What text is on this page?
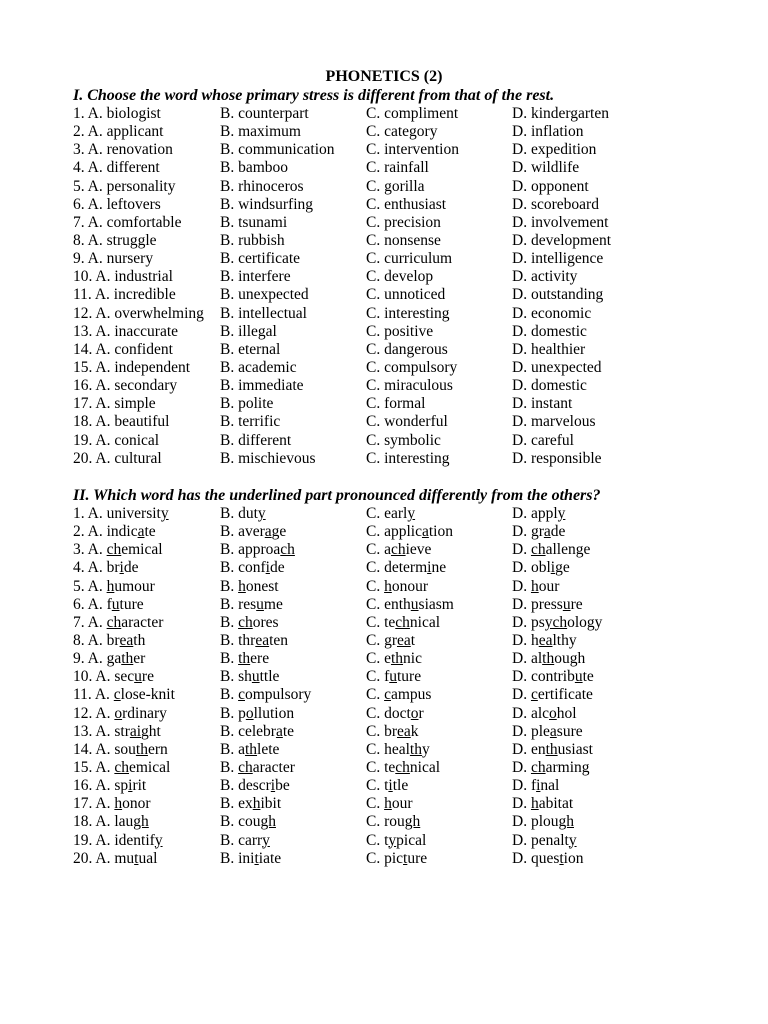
PHONETICS (2)
I. Choose the word whose primary stress is different from that of the rest.
1. A. biologist	B. counterpart	C. compliment	D. kindergarten
2. A. applicant	B. maximum	C. category	D. inflation
3. A. renovation	B. communication C. intervention	D. expedition
4. A. different	B. bamboo	C. rainfall	D. wildlife
5. A. personality	B. rhinoceros	C. gorilla	D. opponent
6. A. leftovers	B. windsurfing	C. enthusiast	D. scoreboard
7. A. comfortable B. tsunami	C. precision	D. involvement
8. A. struggle	B. rubbish	C. nonsense	D. development
9. A. nursery	B. certificate	C. curriculum	D. intelligence
10. A. industrial	B. interfere	C. develop	D. activity
11. A. incredible	B. unexpected	C. unnoticed	D. outstanding
12. A. overwhelming B. intellectual	C. interesting	D. economic
13. A. inaccurate	B. illegal	C. positive	D. domestic
14. A. confident	B. eternal	C. dangerous	D. healthier
15. A. independent B. academic	C. compulsory	D. unexpected
16. A. secondary	B. immediate	C. miraculous	D. domestic
17. A. simple	B. polite	C. formal	D. instant
18. A. beautiful	B. terrific	C. wonderful	D. marvelous
19. A. conical	B. different	C. symbolic	D. careful
20. A. cultural	B. mischievous	C. interesting	D. responsible
II. Which word has the underlined part pronounced differently from the others?
1. A. university	B. duty	C. early	D. apply
2. A. indicate	B. average	C. application	D. grade
3. A. chemical	B. approach	C. achieve	D. challenge
4. A. bride	B. confide	C. determine	D. oblige
5. A. humour	B. honest	C. honour	D. hour
6. A. future	B. resume	C. enthusiasm	D. pressure
7. A. character	B. chores	C. technical	D. psychology
8. A. breath	B. threaten	C. great	D. healthy
9. A. gather	B. there	C. ethnic	D. although
10. A. secure	B. shuttle	C. future	D. contribute
11. A. close-knit	B. compulsory	C. campus	D. certificate
12. A. ordinary	B. pollution	C. doctor	D. alcohol
13. A. straight	B. celebrate	C. break	D. pleasure
14. A. southern	B. athlete	C. healthy	D. enthusiast
15. A. chemical	B. character	C. technical	D. charming
16. A. spirit	B. describe	C. title	D. final
17. A. honor	B. exhibit	C. hour	D. habitat
18. A. laugh	B. cough	C. rough	D. plough
19. A. identify	B. carry	C. typical	D. penalty
20. A. mutual	B. initiate	C. picture	D. question
